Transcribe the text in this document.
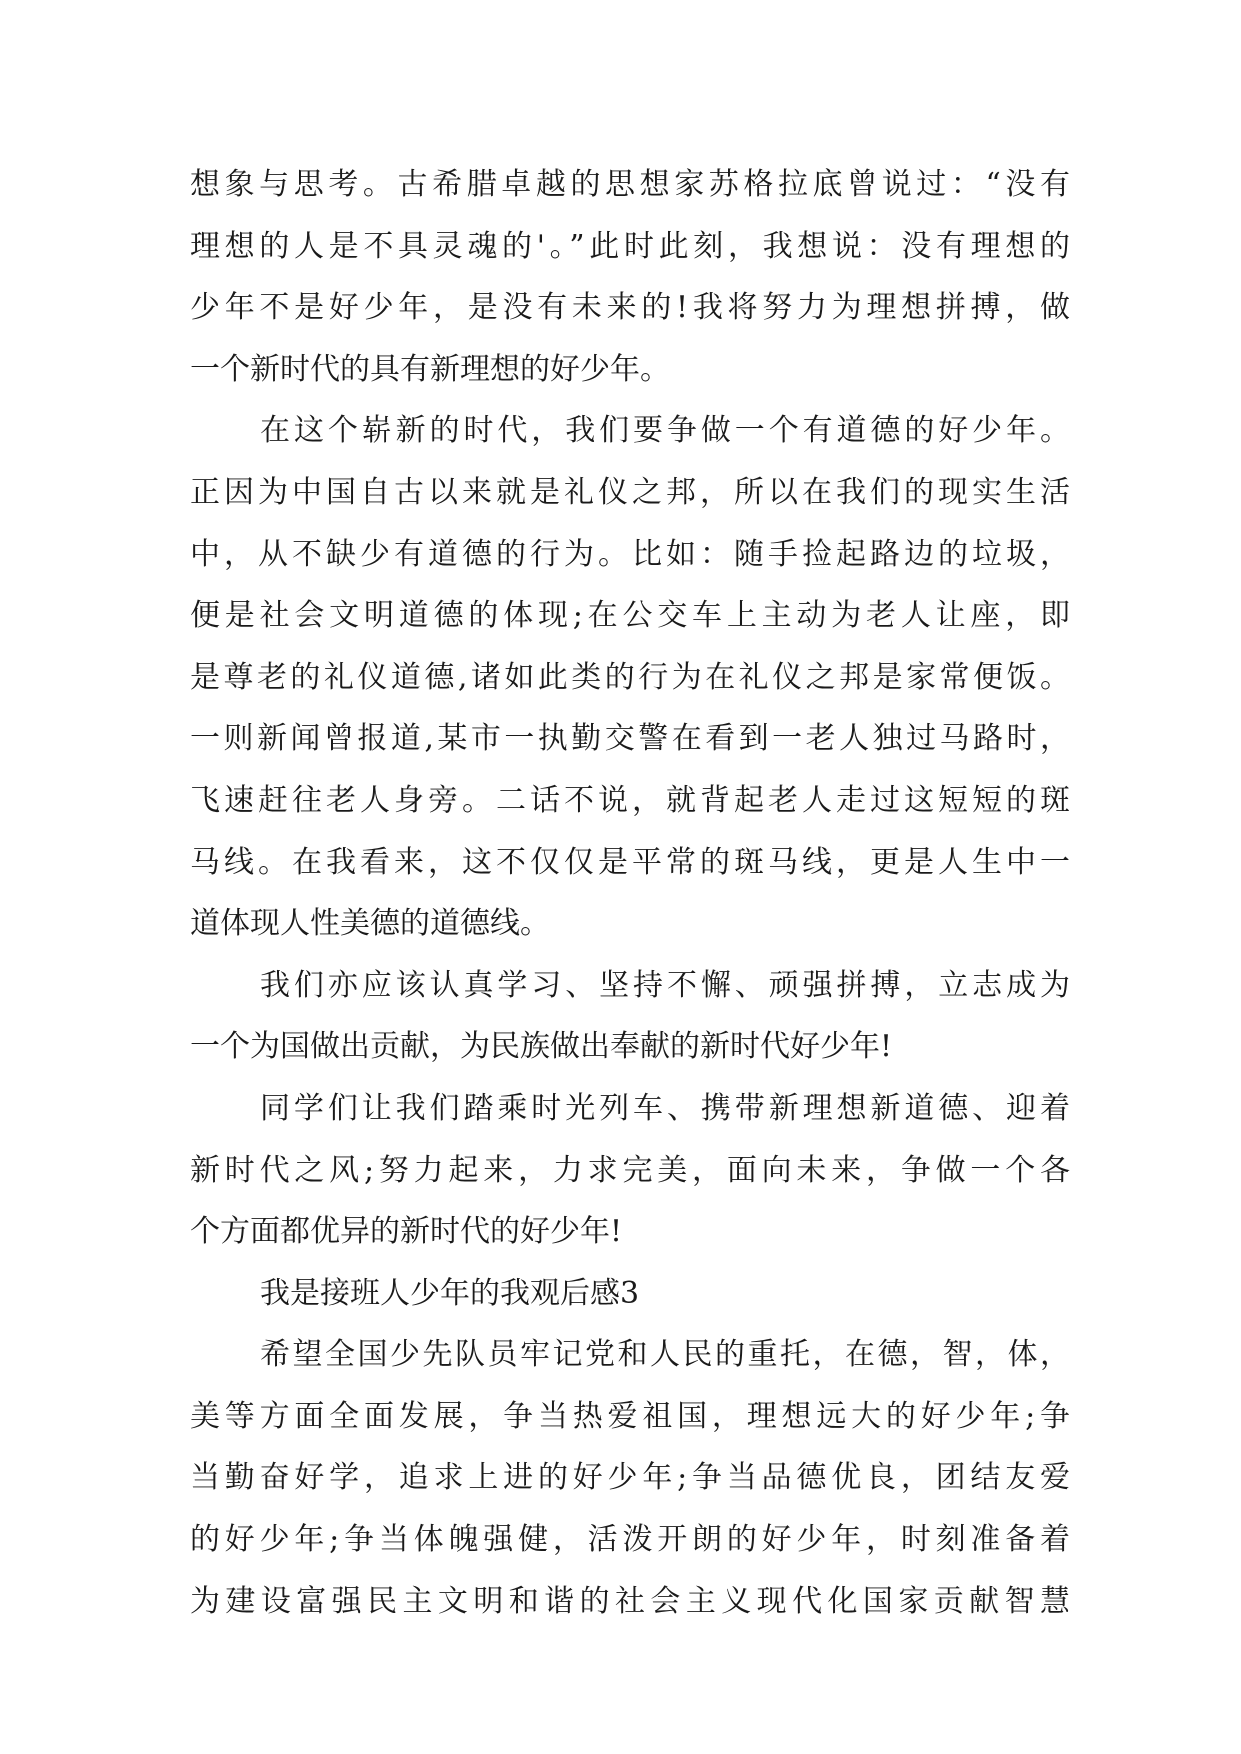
想象与思考。古希腊卓越的思想家苏格拉底曾说过：“没有
理想的人是不具灵魂的'。”此时此刻，我想说：没有理想的
少年不是好少年，是没有未来的!我将努力为理想拼搏，做
一个新时代的具有新理想的好少年。
在这个崭新的时代，我们要争做一个有道德的好少年。
正因为中国自古以来就是礼仪之邦，所以在我们的现实生活
中，从不缺少有道德的行为。比如：随手捡起路边的垃圾，
便是社会文明道德的体现;在公交车上主动为老人让座，即
是尊老的礼仪道德,诸如此类的行为在礼仪之邦是家常便饭。
一则新闻曾报道,某市一执勤交警在看到一老人独过马路时，
飞速赶往老人身旁。二话不说，就背起老人走过这短短的斑
马线。在我看来，这不仅仅是平常的斑马线，更是人生中一
道体现人性美德的道德线。
我们亦应该认真学习、坚持不懈、顽强拼搏，立志成为
一个为国做出贡献，为民族做出奉献的新时代好少年!
同学们让我们踏乘时光列车、携带新理想新道德、迎着
新时代之风;努力起来，力求完美，面向未来，争做一个各
个方面都优异的新时代的好少年!
我是接班人少年的我观后感3
希望全国少先队员牢记党和人民的重托，在德，智，体，
美等方面全面发展，争当热爱祖国，理想远大的好少年;争
当勤奋好学，追求上进的好少年;争当品德优良，团结友爱
的好少年;争当体魄强健，活泼开朗的好少年，时刻准备着
为建设富强民主文明和谐的社会主义现代化国家贡献智慧
